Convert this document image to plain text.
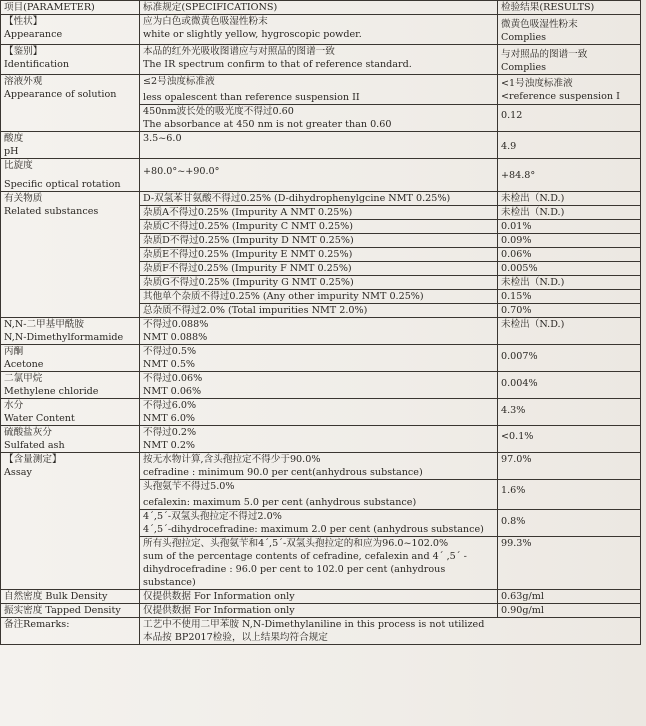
项目(PARAMETER)	标准规定(SPECIFICATIONS)	检验结果(RESULTS)

【性状】
Appearance	应为白色或微黄色吸湿性粉末
white or slightly yellow, hygroscopic powder.	微黄色吸湿性粉末
Complies

【鉴别】
Identification	本品的红外光吸收图谱应与对照品的图谱一致
The IR spectrum confirm to that of reference standard.	与对照品的图谱一致
Complies

溶液外观
Appearance of solution	≤2号浊度标准液
less opalescent than reference suspension II	<1号浊度标准液
<reference suspension I

	450nm波长处的吸光度不得过0.60
The absorbance at 450 nm is not greater than 0.60	0.12

酸度
pH	3.5~6.0	4.9

比旋度
Specific optical rotation	+80.0°~+90.0°	+84.8°

有关物质
Related substances	D-双氢苯甘氨酸不得过0.25% (D-dihydrophenylgcine NMT 0.25%)	未检出（N.D.)
	杂质A不得过0.25% (Impurity A NMT 0.25%)	未检出（N.D.)
	杂质C不得过0.25% (Impurity C NMT 0.25%)	0.01%
	杂质D不得过0.25% (Impurity D NMT 0.25%)	0.09%
	杂质E不得过0.25% (Impurity E NMT 0.25%)	0.06%
	杂质F不得过0.25% (Impurity F NMT 0.25%)	0.005%
	杂质G不得过0.25% (Impurity G NMT 0.25%)	未检出（N.D.)
	其他单个杂质不得过0.25% (Any other impurity NMT 0.25%)	0.15%
	总杂质不得过2.0% (Total impurities NMT 2.0%)	0.70%

N,N-二甲基甲酰胺
N,N-Dimethylformamide	不得过0.088%
NMT 0.088%	未检出（N.D.)

丙酮
Acetone	不得过0.5%
NMT 0.5%	0.007%

二氯甲烷
Methylene chloride	不得过0.06%
NMT 0.06%	0.004%

水分
Water Content	不得过6.0%
NMT 6.0%	4.3%

硫酸盐灰分
Sulfated ash	不得过0.2%
NMT 0.2%	<0.1%

【含量测定】
Assay	按无水物计算,含头孢拉定不得少于90.0%
cefradine : minimum 90.0 per cent(anhydrous substance)	97.0%

	头孢氨苄不得过5.0%
cefalexin: maximum 5.0 per cent (anhydrous substance)	1.6%

	4´,5´-双氢头孢拉定不得过2.0%
4´,5´-dihydrocefradine: maximum 2.0 per cent (anhydrous substance)	0.8%

	所有头孢拉定、头孢氨苄和4´,5´-双氢头孢拉定的和应为96.0~102.0%
sum of the percentage contents of cefradine, cefalexin and 4´ ,5´ -dihydrocefradine : 96.0 per cent to 102.0 per cent (anhydrous substance)	99.3%

自然密度 Bulk Density	仅提供数据 For Information only	0.63g/ml
振实密度 Tapped Density	仅提供数据 For Information only	0.90g/ml
备注Remarks:	工艺中不使用二甲苯胺 N,N-Dimethylaniline in this process is not utilized
本品按 BP2017检验，以上结果均符合规定	
